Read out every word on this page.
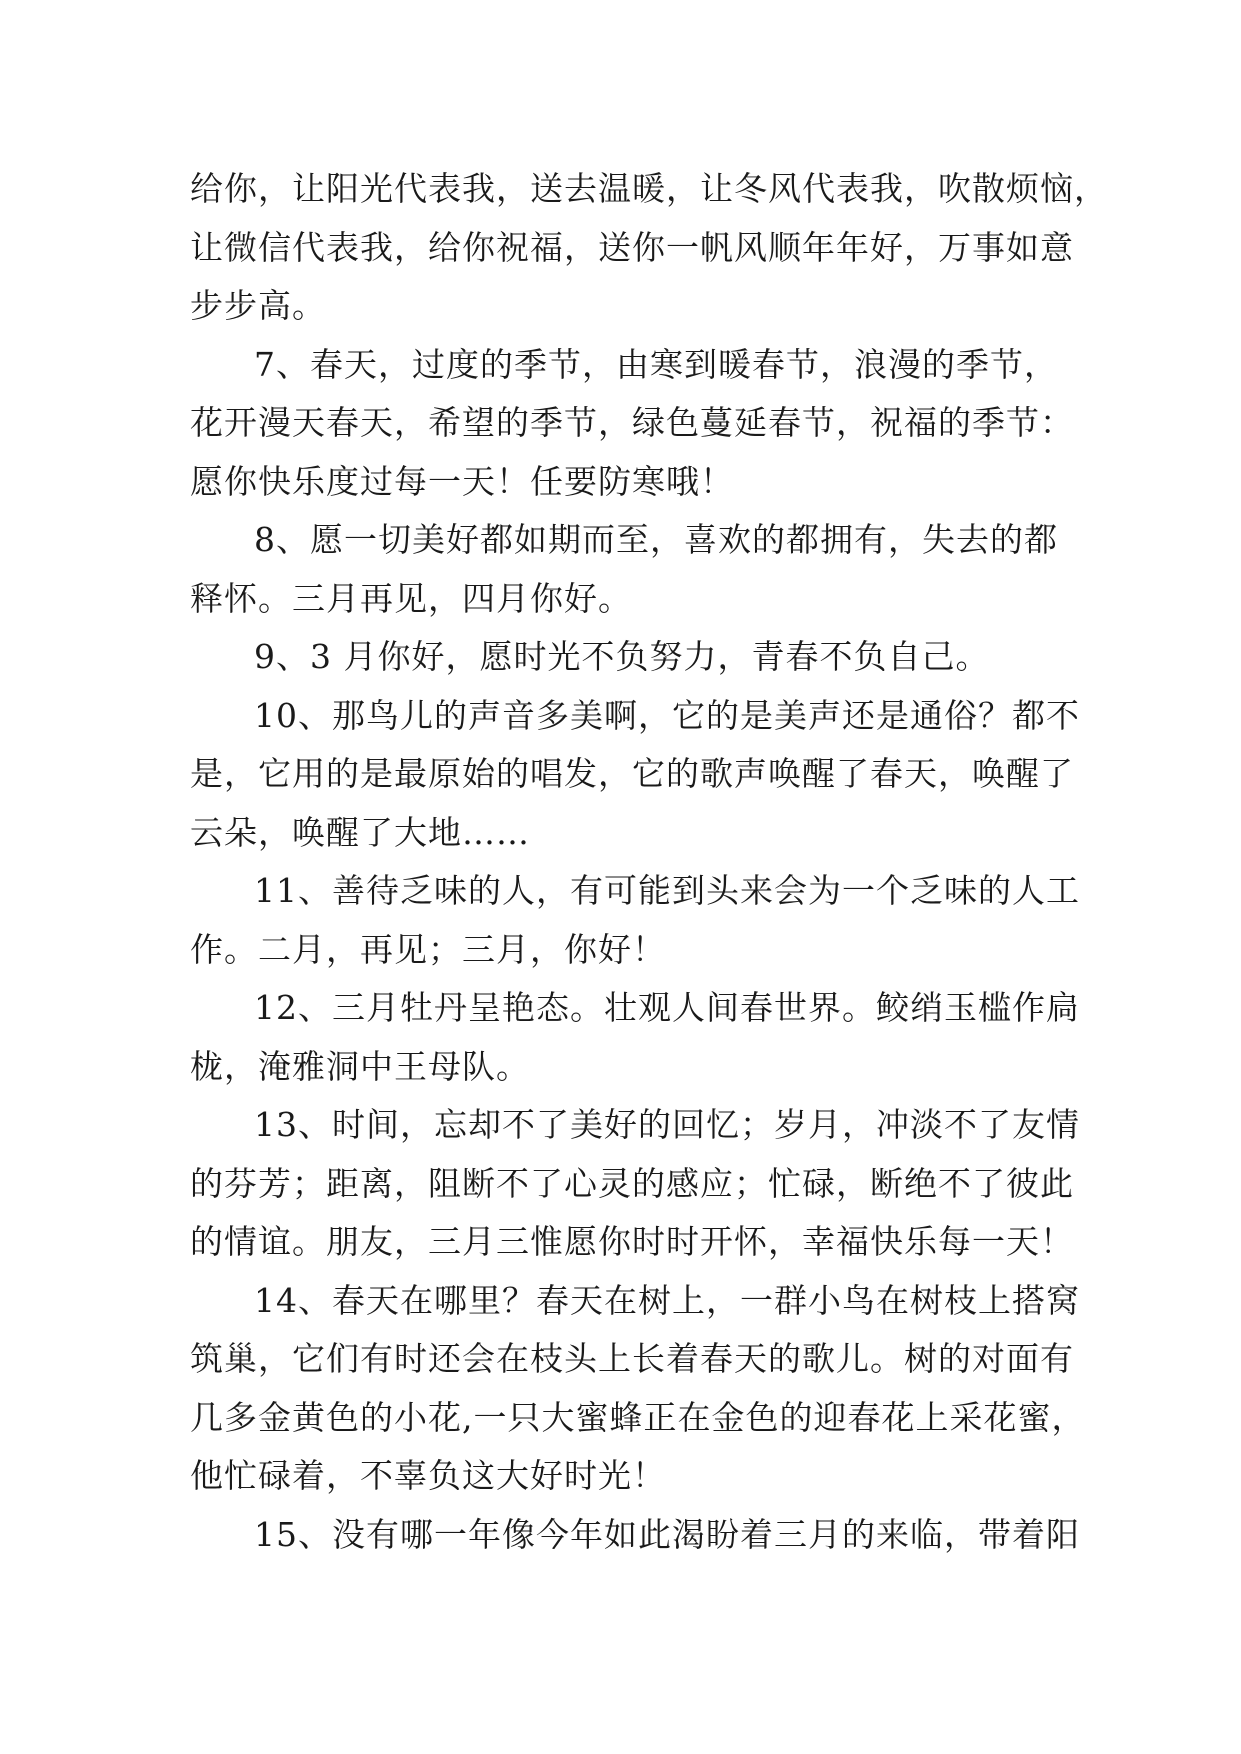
给你，让阳光代表我，送去温暖，让冬风代表我，吹散烦恼，
让微信代表我，给你祝福，送你一帆风顺年年好，万事如意
步步高。
7、春天，过度的季节，由寒到暖春节，浪漫的季节，
花开漫天春天，希望的季节，绿色蔓延春节，祝福的季节：
愿你快乐度过每一天！任要防寒哦！
8、愿一切美好都如期而至，喜欢的都拥有，失去的都
释怀。三月再见，四月你好。
9、3 月你好，愿时光不负努力，青春不负自己。
10、那鸟儿的声音多美啊，它的是美声还是通俗？都不
是，它用的是最原始的唱发，它的歌声唤醒了春天，唤醒了
云朵，唤醒了大地……
11、善待乏味的人，有可能到头来会为一个乏味的人工
作。二月，再见；三月，你好！
12、三月牡丹呈艳态。壮观人间春世界。鲛绡玉槛作扃
栊，淹雅洞中王母队。
13、时间，忘却不了美好的回忆；岁月，冲淡不了友情
的芬芳；距离，阻断不了心灵的感应；忙碌，断绝不了彼此
的情谊。朋友，三月三惟愿你时时开怀，幸福快乐每一天！
14、春天在哪里？春天在树上，一群小鸟在树枝上搭窝
筑巢，它们有时还会在枝头上长着春天的歌儿。树的对面有
几多金黄色的小花,一只大蜜蜂正在金色的迎春花上采花蜜，
他忙碌着，不辜负这大好时光！
15、没有哪一年像今年如此渴盼着三月的来临，带着阳
